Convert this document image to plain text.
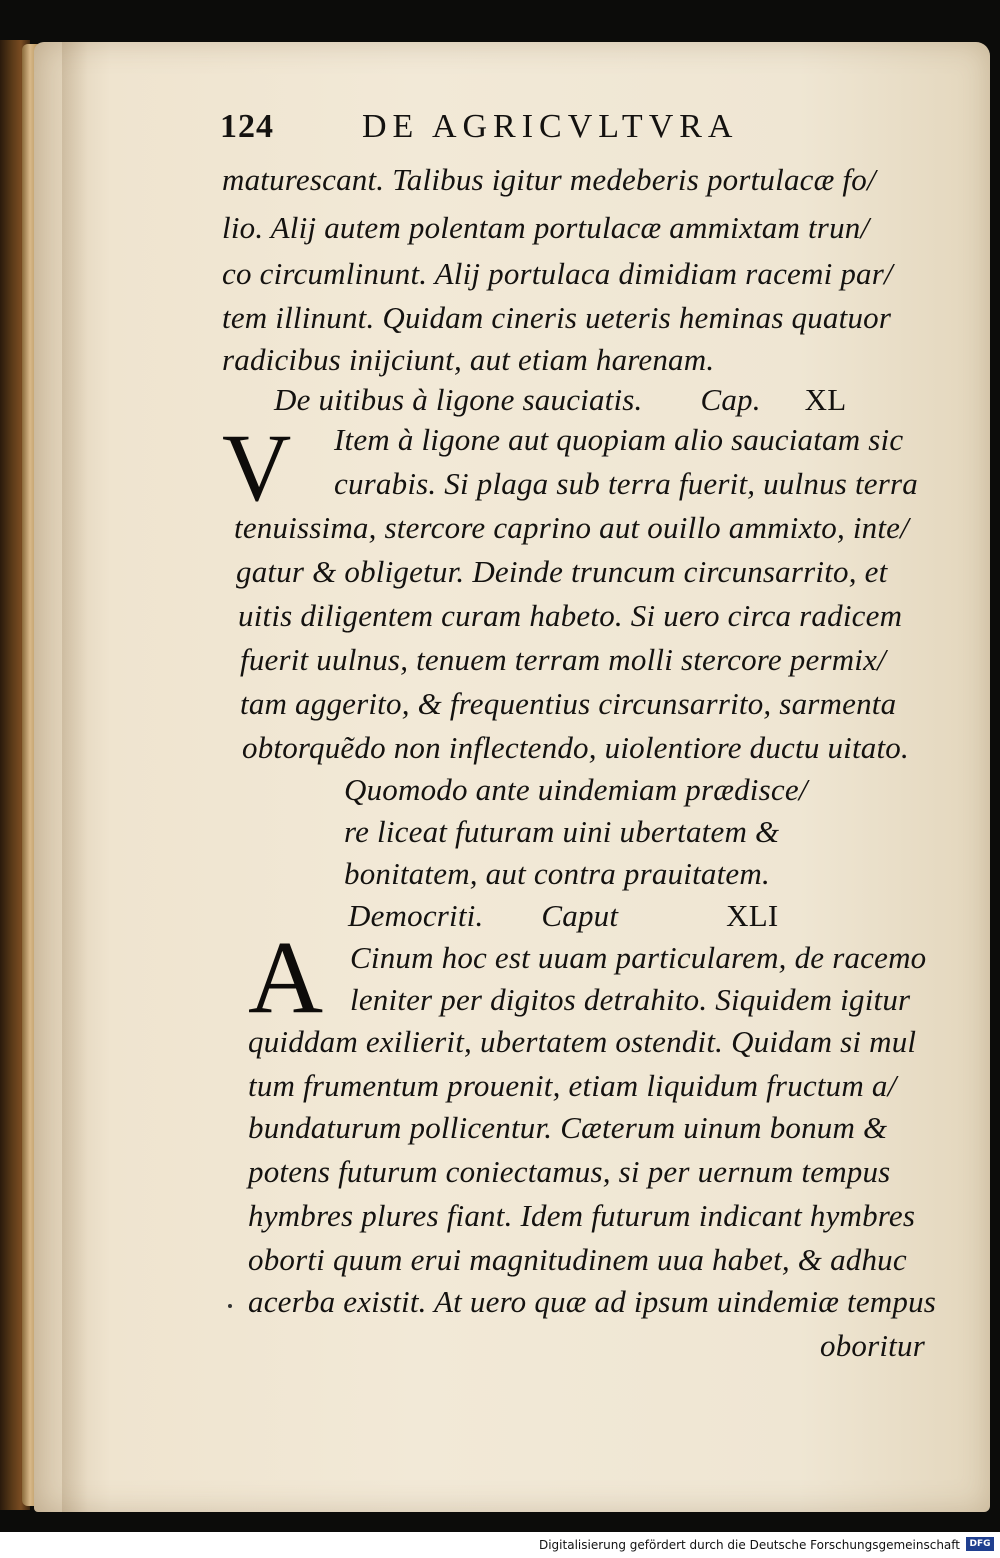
124	DE AGRICVLTVRA

maturescant. Talibus igitur medeberis portulacæ fo/

lio. Alij autem polentam portulacæ ammixtam trun/

co circumlinunt. Alij portulaca dimidiam racemi par/

tem illinunt. Quidam cineris ueteris heminas quatuor

radicibus inijciunt, aut etiam harenam.

De uitibus à ligone sauciatis. Cap. XL

V Item à ligone aut quopiam alio sauciatam sic

curabis. Si plaga sub terra fuerit, uulnus terra

tenuissima, stercore caprino aut ouillo ammixto, inte/

gatur & obligetur. Deinde truncum circunsarrito, et

uitis diligentem curam habeto. Si uero circa radicem

fuerit uulnus, tenuem terram molli stercore permix/

tam aggerito, & frequentius circunsarrito, sarmenta

obtorquẽdo non inflectendo, uiolentiore ductu uitato.

Quomodo ante uindemiam prædisce/

re liceat futuram uini ubertatem &

bonitatem, aut contra prauitatem.

Democriti. Caput	XLI

A Cinum hoc est uuam particularem, de racemo

leniter per digitos detrahito. Siquidem igitur

quiddam exilierit, ubertatem ostendit. Quidam si mul

tum frumentum prouenit, etiam liquidum fructum a/

bundaturum pollicentur. Cæterum uinum bonum &

potens futurum coniectamus, si per uernum tempus

hymbres plures fiant. Idem futurum indicant hymbres

oborti quum erui magnitudinem uua habet, & adhuc

acerba existit. At uero quæ ad ipsum uindemiæ tempus

oboritur

Digitalisierung gefördert durch die Deutsche Forschungsgemeinschaft	DFG
